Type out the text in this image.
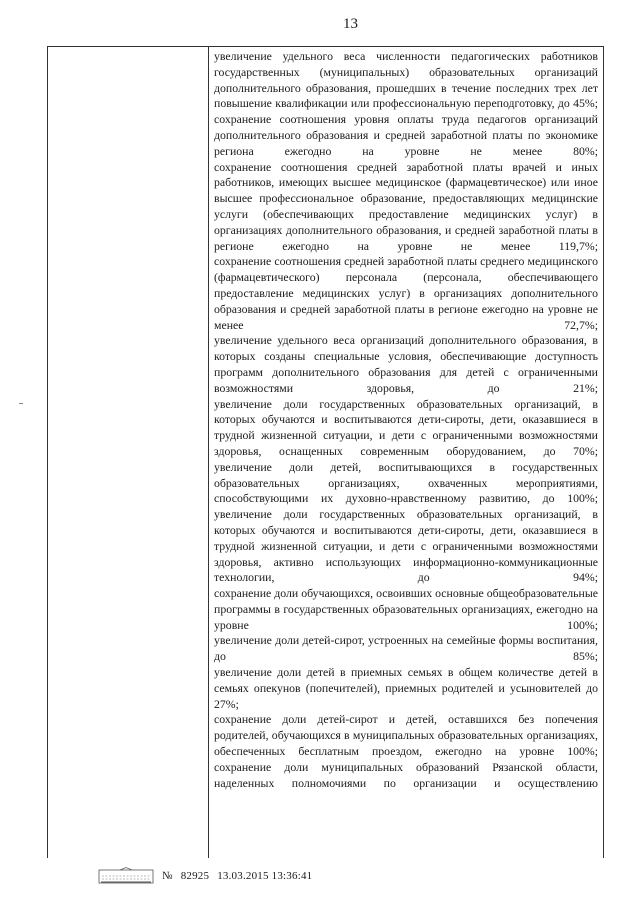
13

увеличение удельного веса численности педагогических работников государственных (муниципальных) образовательных организаций дополнительного образования, прошедших в течение последних трех лет повышение квалификации или профессиональную переподготовку, до 45%;

сохранение соотношения уровня оплаты труда педагогов организаций дополнительного образования и средней заработной платы по экономике региона ежегодно на уровне не менее 80%;

сохранение соотношения средней заработной платы врачей и иных работников, имеющих высшее медицинское (фармацевтическое) или иное высшее профессиональное образование, предоставляющих медицинские услуги (обеспечивающих предоставление медицинских услуг) в организациях дополнительного образования, и средней заработной платы в регионе ежегодно на уровне не менее 119,7%;

сохранение соотношения средней заработной платы среднего медицинского (фармацевтического) персонала (персонала, обеспечивающего предоставление медицинских услуг) в организациях дополнительного образования и средней заработной платы в регионе ежегодно на уровне не менее 72,7%;

увеличение удельного веса организаций дополнительного образования, в которых созданы специальные условия, обеспечивающие доступность программ дополнительного образования для детей с ограниченными возможностями здоровья, до 21%;

увеличение доли государственных образовательных организаций, в которых обучаются и воспитываются дети-сироты, дети, оказавшиеся в трудной жизненной ситуации, и дети с ограниченными возможностями здоровья, оснащенных современным оборудованием, до 70%;

увеличение доли детей, воспитывающихся в государственных образовательных организациях, охваченных мероприятиями, способствующими их духовно-нравственному развитию, до 100%;

увеличение доли государственных образовательных организаций, в которых обучаются и воспитываются дети-сироты, дети, оказавшиеся в трудной жизненной ситуации, и дети с ограниченными возможностями здоровья, активно использующих информационно-коммуникационные технологии, до 94%;

сохранение доли обучающихся, освоивших основные общеобразовательные программы в государственных образовательных организациях, ежегодно на уровне 100%;

увеличение доли детей-сирот, устроенных на семейные формы воспитания, до 85%;

увеличение доли детей в приемных семьях в общем количестве детей в семьях опекунов (попечителей), приемных родителей и усыновителей до 27%;

сохранение доли детей-сирот и детей, оставшихся без попечения родителей, обучающихся в муниципальных образовательных организациях, обеспеченных бесплатным проездом, ежегодно на уровне 100%;

сохранение доли муниципальных образований Рязанской области, наделенных полномочиями по организации и осуществлению

№ 82925 13.03.2015 13:36:41
